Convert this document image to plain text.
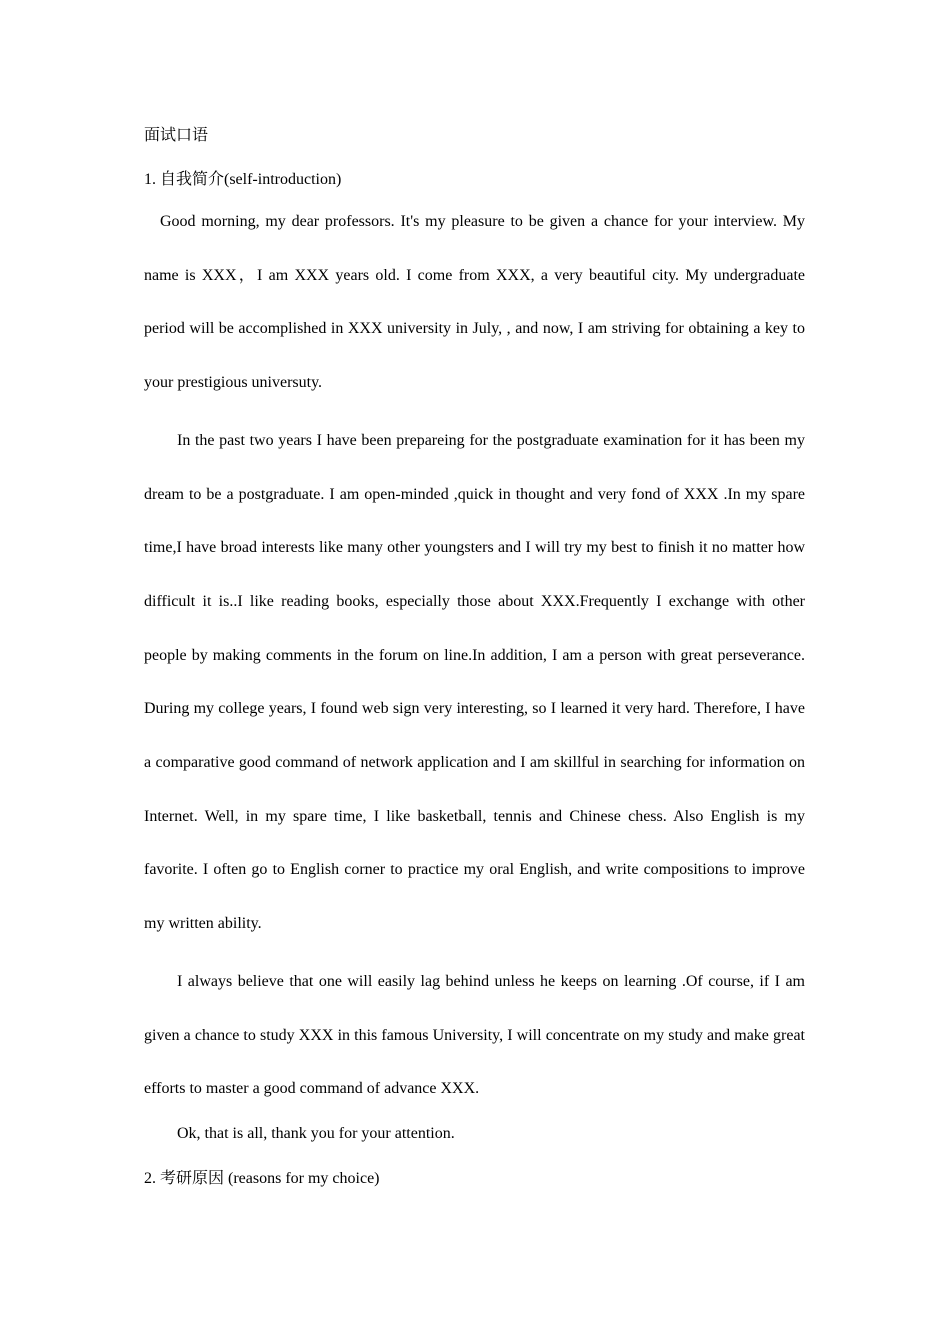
面试口语

1. 自我简介(self-introduction)

Good morning, my dear professors. It's my pleasure to be given a chance for your interview. My name is XXX，I am XXX years old. I come from XXX, a very beautiful city. My undergraduate period will be accomplished in XXX university in July, , and now, I am striving for obtaining a key to your prestigious universuty.

In the past two years I have been prepareing for the postgraduate examination for it has been my dream to be a postgraduate. I am open-minded ,quick in thought and very fond of XXX .In my spare time,I have broad interests like many other youngsters and I will try my best to finish it no matter how difficult it is..I like reading books, especially those about XXX.Frequently I exchange with other people by making comments in the forum on line.In addition, I am a person with great perseverance. During my college years, I found web sign very interesting, so I learned it very hard. Therefore, I have a comparative good command of network application and I am skillful in searching for information on Internet. Well, in my spare time, I like basketball, tennis and Chinese chess. Also English is my favorite. I often go to English corner to practice my oral English, and write compositions to improve my written ability.

I always believe that one will easily lag behind unless he keeps on learning .Of course, if I am given a chance to study XXX in this famous University, I will concentrate on my study and make great efforts to master a good command of advance XXX.

Ok, that is all, thank you for your attention.

2. 考研原因 (reasons for my choice)
